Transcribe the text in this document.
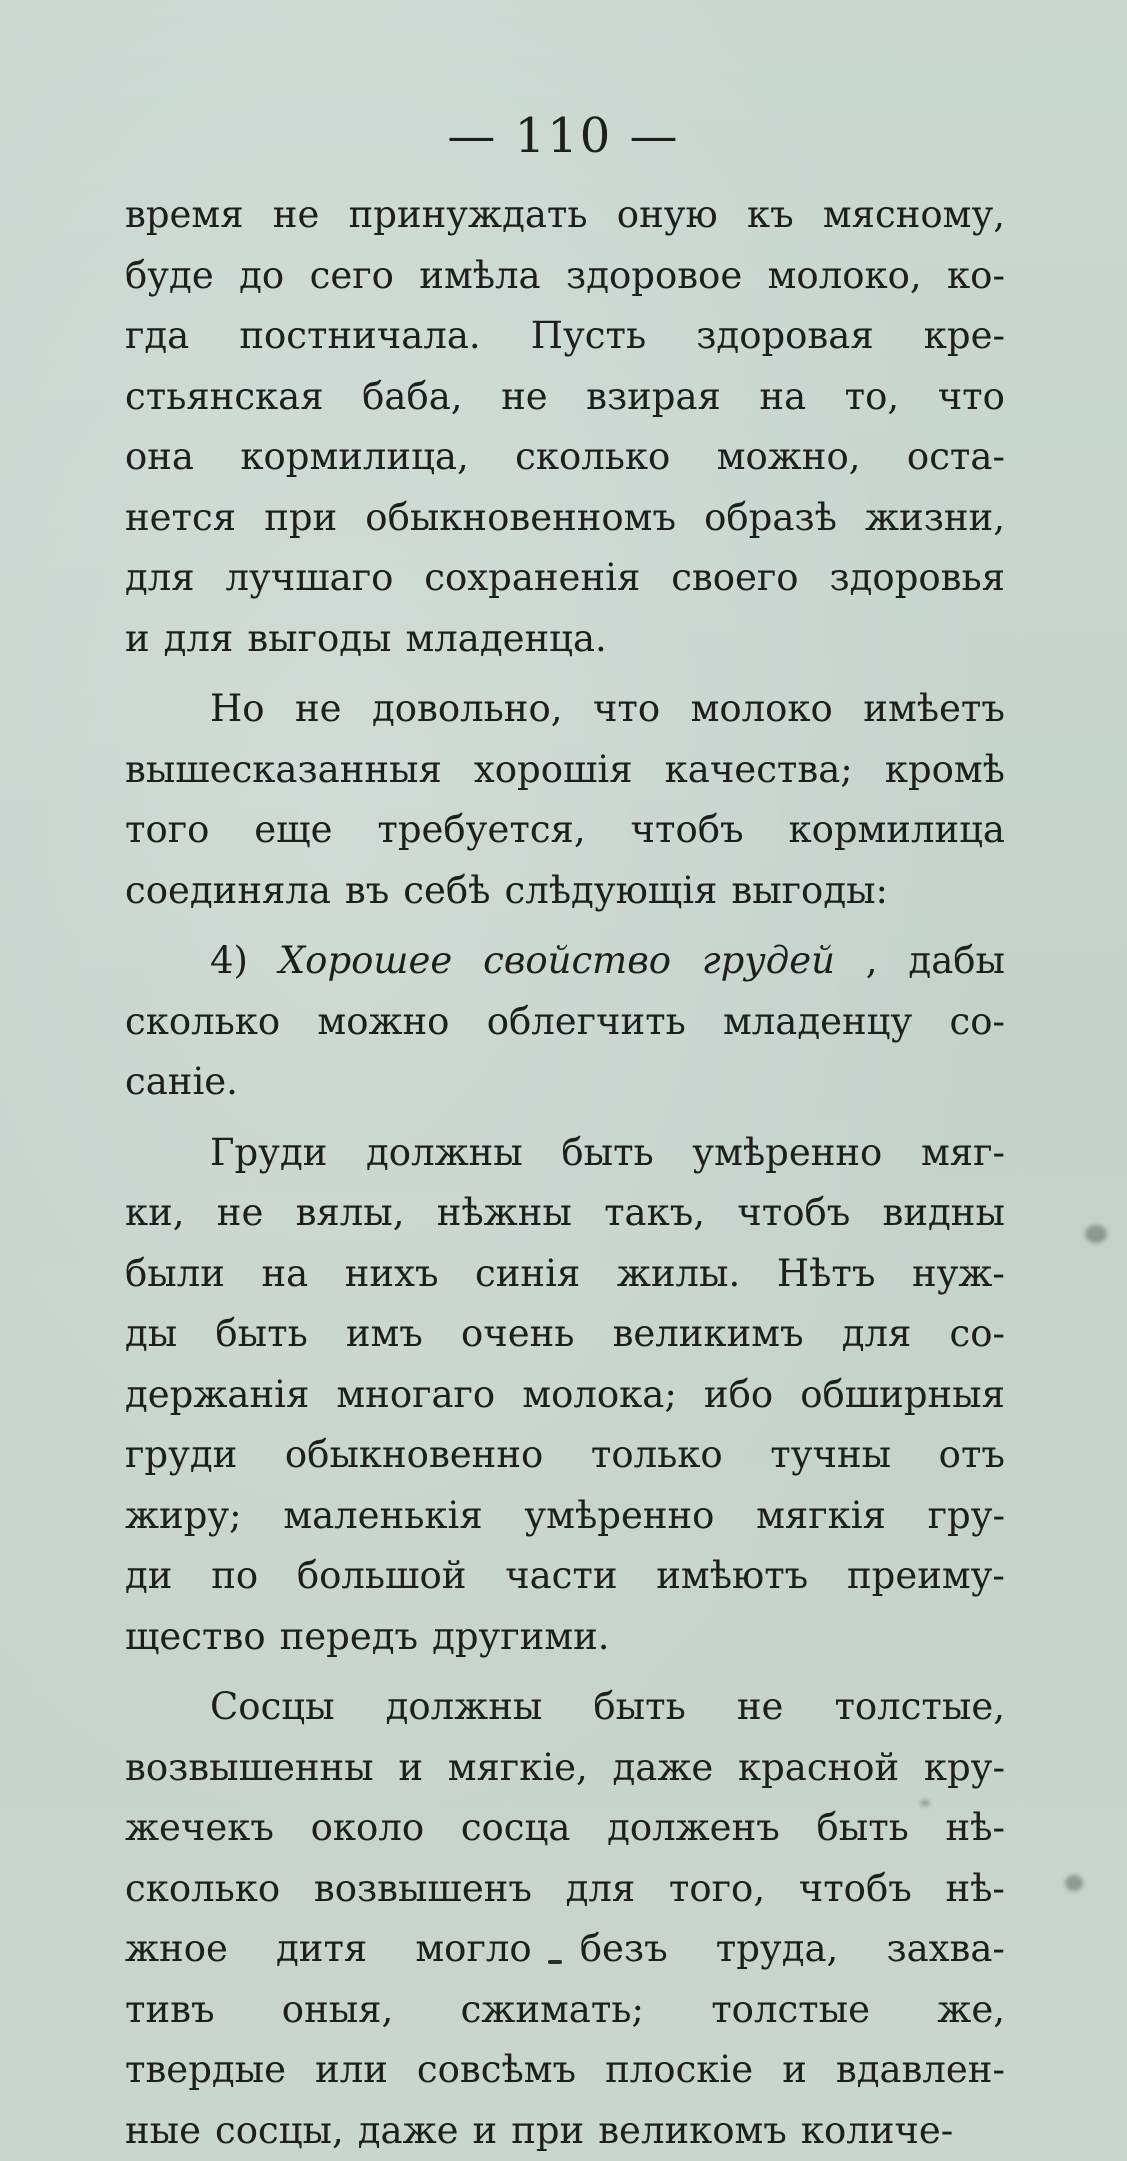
— 110 —
время не принуждать оную къ мясному,
буде до сего имѣла здоровое молоко, ко-
гда постничала. Пусть здоровая кре-
стьянская баба, не взирая на то, что
она кормилица, сколько можно, оста-
нется при обыкновенномъ образѣ жизни,
для лучшаго сохраненія своего здоровья
и для выгоды младенца.
Но не довольно, что молоко имѣетъ
вышесказанныя хорошія качества; кромѣ
того еще требуется, чтобъ кормилица
соединяла въ себѣ слѣдующія выгоды:
4) Хорошее свойство грудей , дабы
сколько можно облегчить младенцу со-
саніе.
Груди должны быть умѣренно мяг-
ки, не вялы, нѣжны такъ, чтобъ видны
были на нихъ синія жилы. Нѣтъ нуж-
ды быть имъ очень великимъ для со-
держанія многаго молока; ибо обширныя
груди обыкновенно только тучны отъ
жиру; маленькія умѣренно мягкія гру-
ди по большой части имѣютъ преиму-
щество передъ другими.
Сосцы должны быть не толстые,
возвышенны и мягкіе, даже красной кру-
жечекъ около сосца долженъ быть нѣ-
сколько возвышенъ для того, чтобъ нѣ-
жное дитя могло безъ труда, захва-
тивъ оныя, сжимать; толстые же,
твердые или совсѣмъ плоскіе и вдавлен-
ные сосцы, даже и при великомъ количе-
